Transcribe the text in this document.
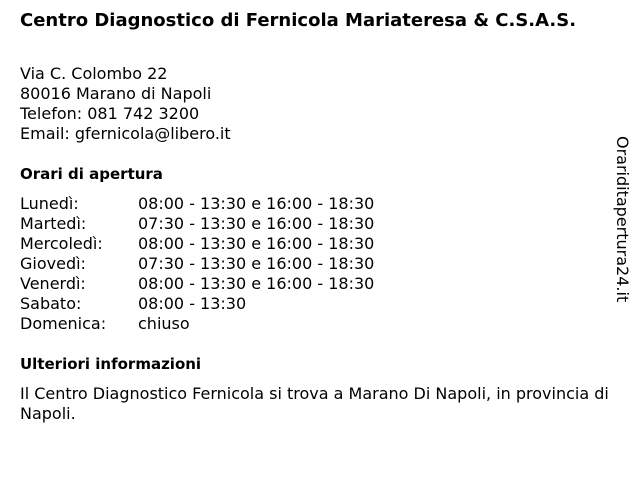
Centro Diagnostico di Fernicola Mariateresa & C.S.A.S.
Via C. Colombo 22
80016 Marano di Napoli
Telefon: 081 742 3200
Email: gfernicola@libero.it
Orari di apertura
Lunedì:	08:00 - 13:30 e 16:00 - 18:30
Martedì:	07:30 - 13:30 e 16:00 - 18:30
Mercoledì: 08:00 - 13:30 e 16:00 - 18:30
Giovedì:	07:30 - 13:30 e 16:00 - 18:30
Venerdì:	08:00 - 13:30 e 16:00 - 18:30
Sabato:	08:00 - 13:30
Domenica: chiuso
Ulteriori informazioni
Il Centro Diagnostico Fernicola si trova a Marano Di Napoli, in provincia di Napoli.
Orariditapertura24.it
